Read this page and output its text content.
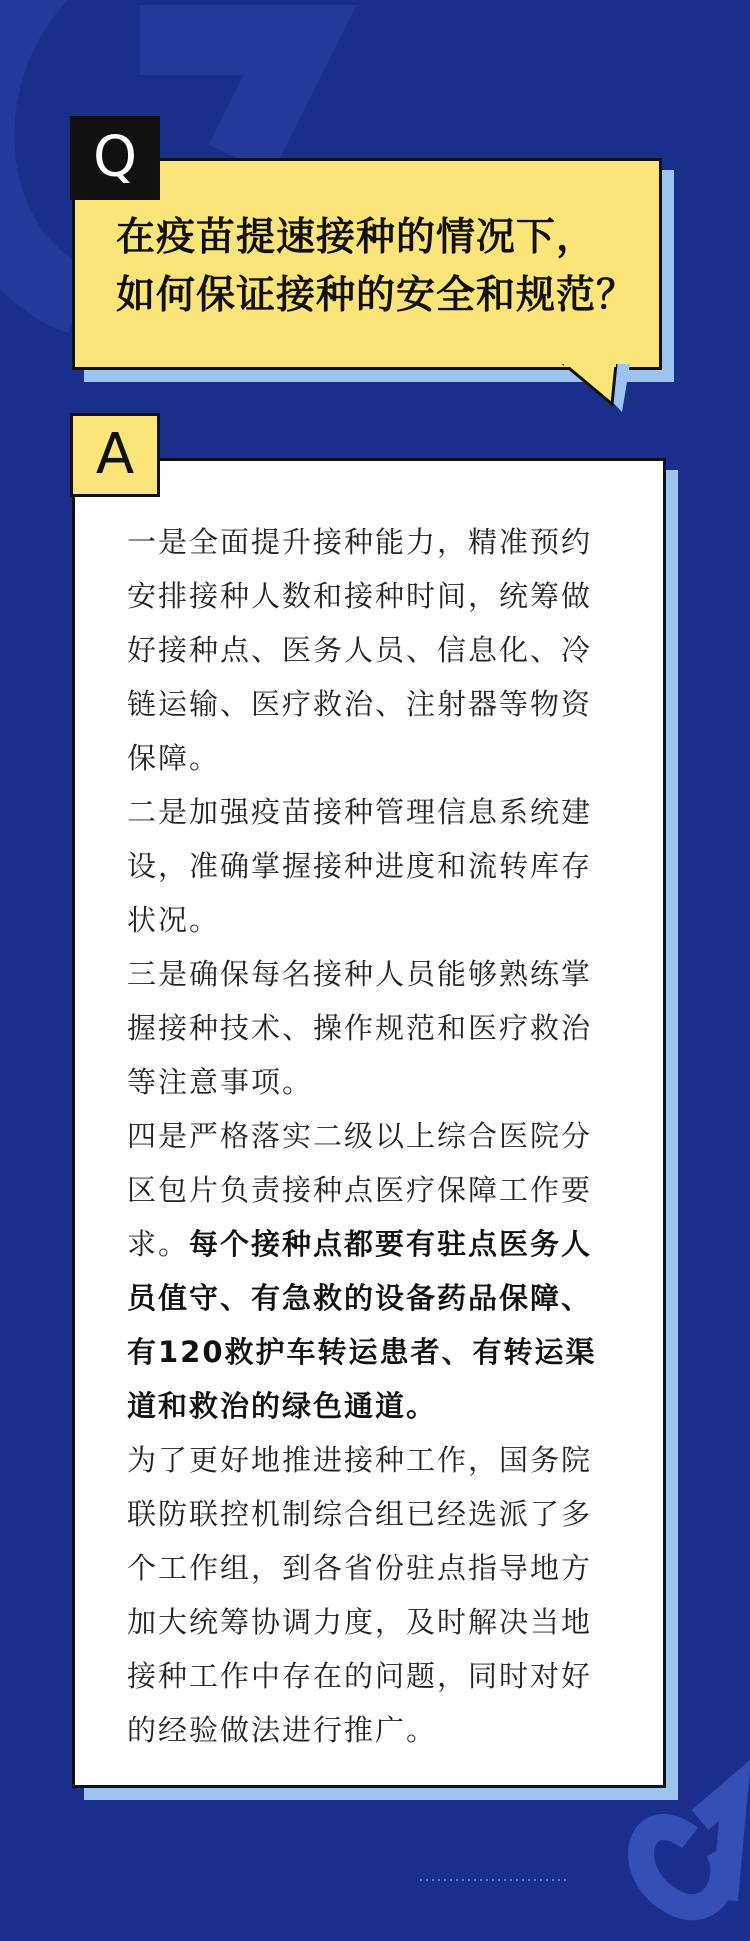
Q
在疫苗提速接种的情况下，
如何保证接种的安全和规范？
A

一是全面提升接种能力，精准预约
安排接种人数和接种时间，统筹做
好接种点、医务人员、信息化、冷
链运输、医疗救治、注射器等物资
保障。

二是加强疫苗接种管理信息系统建
设，准确掌握接种进度和流转库存
状况。

三是确保每名接种人员能够熟练掌
握接种技术、操作规范和医疗救治
等注意事项。

四是严格落实二级以上综合医院分
区包片负责接种点医疗保障工作要
求。每个接种点都要有驻点医务人
员值守、有急救的设备药品保障、
有120救护车转运患者、有转运渠
道和救治的绿色通道。

为了更好地推进接种工作，国务院
联防联控机制综合组已经选派了多
个工作组，到各省份驻点指导地方
加大统筹协调力度，及时解决当地
接种工作中存在的问题，同时对好
的经验做法进行推广。
